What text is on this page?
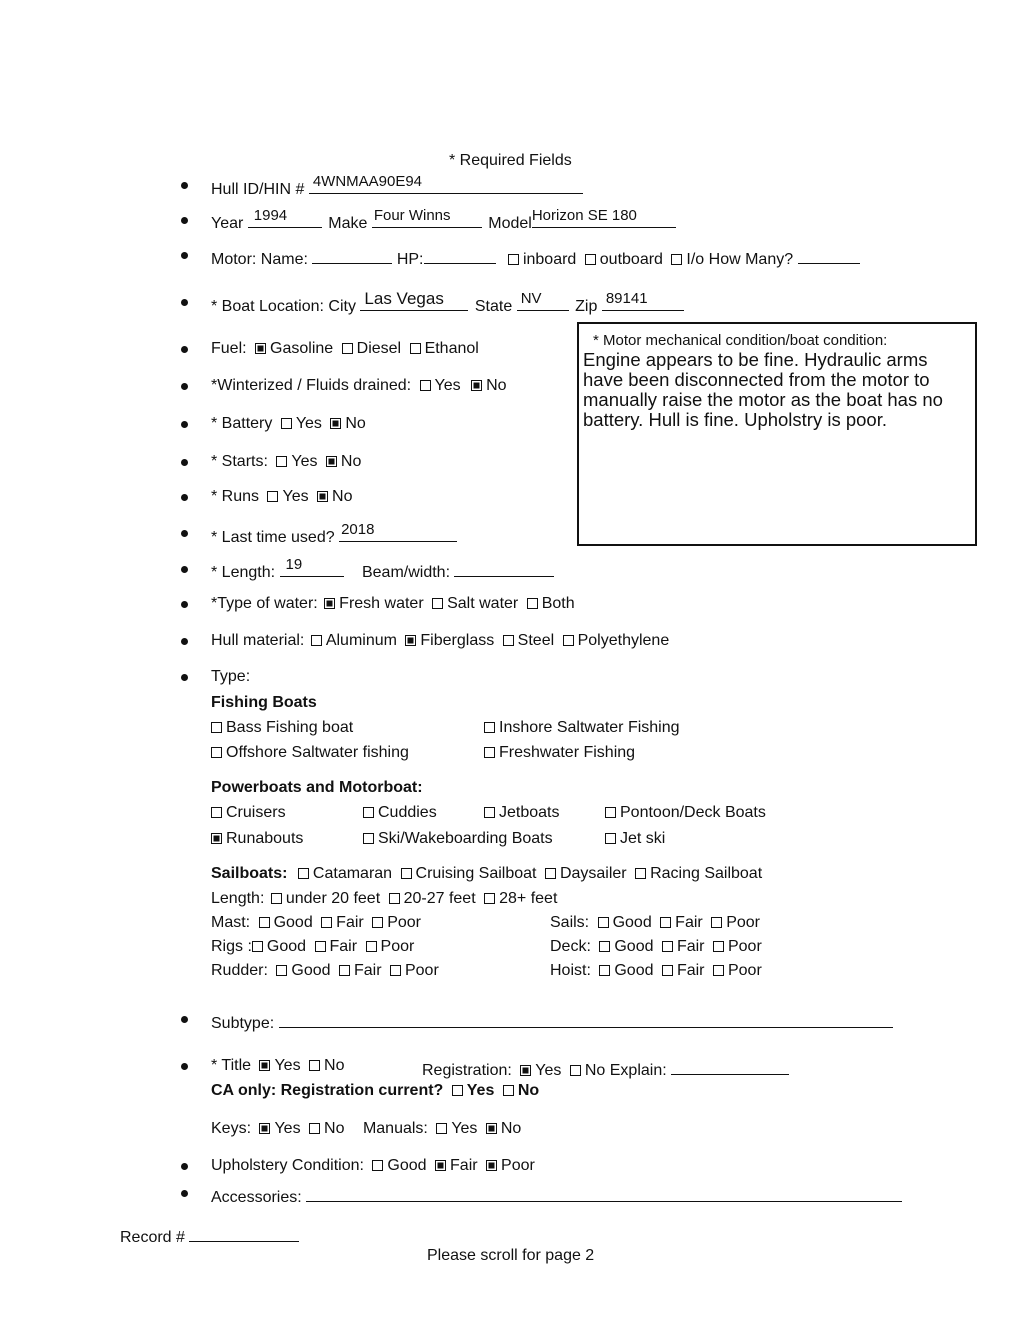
* Required Fields
Hull ID/HIN # 4WNMAA90E94
Year 1994	Make Four Winns Model Horizon SE 180
Motor: Name:	HP:	inboard outboard I/o How Many?
* Boat Location: City Las Vegas State NV Zip 89141
Fuel: Gasoline Diesel Ethanol
*Winterized / Fluids drained: Yes No
* Battery Yes No
* Starts: Yes No
* Runs Yes No
* Last time used? 2018
* Length: 19	Beam/width:
* Motor mechanical condition/boat condition:
Engine appears to be fine. Hydraulic arms have been disconnected from the motor to manually raise the motor as the boat has no battery. Hull is fine. Upholstry is poor.
*Type of water: Fresh water Salt water Both
Hull material: Aluminum Fiberglass Steel Polyethylene
Type:
Fishing Boats
Bass Fishing boat	Inshore Saltwater Fishing
Offshore Saltwater fishing	Freshwater Fishing
Powerboats and Motorboat:
Cruisers	Cuddies	Jetboats	Pontoon/Deck Boats
Runabouts	Ski/Wakeboarding Boats	Jet ski
Sailboats: Catamaran Cruising Sailboat Daysailer Racing Sailboat
Length: under 20 feet 20-27 feet 28+ feet
Mast: Good Fair Poor	Sails: Good Fair Poor
Rigs : Good Fair Poor	Deck: Good Fair Poor
Rudder: Good Fair Poor	Hoist: Good Fair Poor
Subtype:
* Title Yes No	Registration: Yes No Explain:
CA only: Registration current? Yes No
Keys: Yes No Manuals: Yes No
Upholstery Condition: Good Fair Poor
Accessories:
Record #
Please scroll for page 2
